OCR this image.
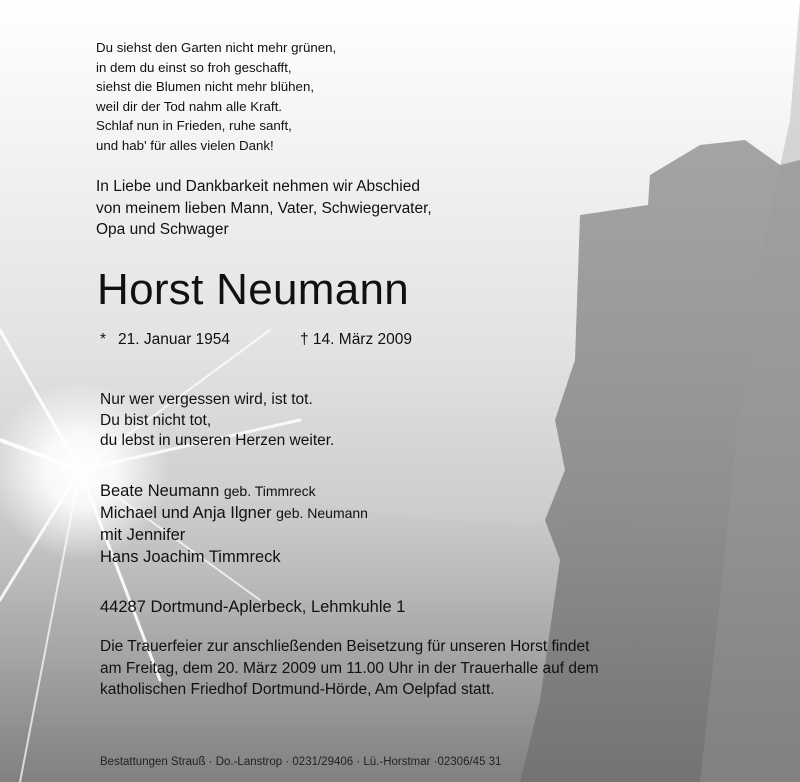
Du siehst den Garten nicht mehr grünen,
in dem du einst so froh geschafft,
siehst die Blumen nicht mehr blühen,
weil dir der Tod nahm alle Kraft.
Schlaf nun in Frieden, ruhe sanft,
und hab' für alles vielen Dank!

In Liebe und Dankbarkeit nehmen wir Abschied
von meinem lieben Mann, Vater, Schwiegervater,
Opa und Schwager

Horst Neumann
* 21. Januar 1954	† 14. März 2009

Nur wer vergessen wird, ist tot.
Du bist nicht tot,
du lebst in unseren Herzen weiter.

Beate Neumann geb. Timmreck
Michael und Anja Ilgner geb. Neumann
mit Jennifer
Hans Joachim Timmreck

44287 Dortmund-Aplerbeck, Lehmkuhle 1

Die Trauerfeier zur anschließenden Beisetzung für unseren Horst findet
am Freitag, dem 20. März 2009 um 11.00 Uhr in der Trauerhalle auf dem
katholischen Friedhof Dortmund-Hörde, Am Oelpfad statt.

Bestattungen Strauß · Do.-Lanstrop · 0231/29406 · Lü.-Horstmar ·02306/45 31
